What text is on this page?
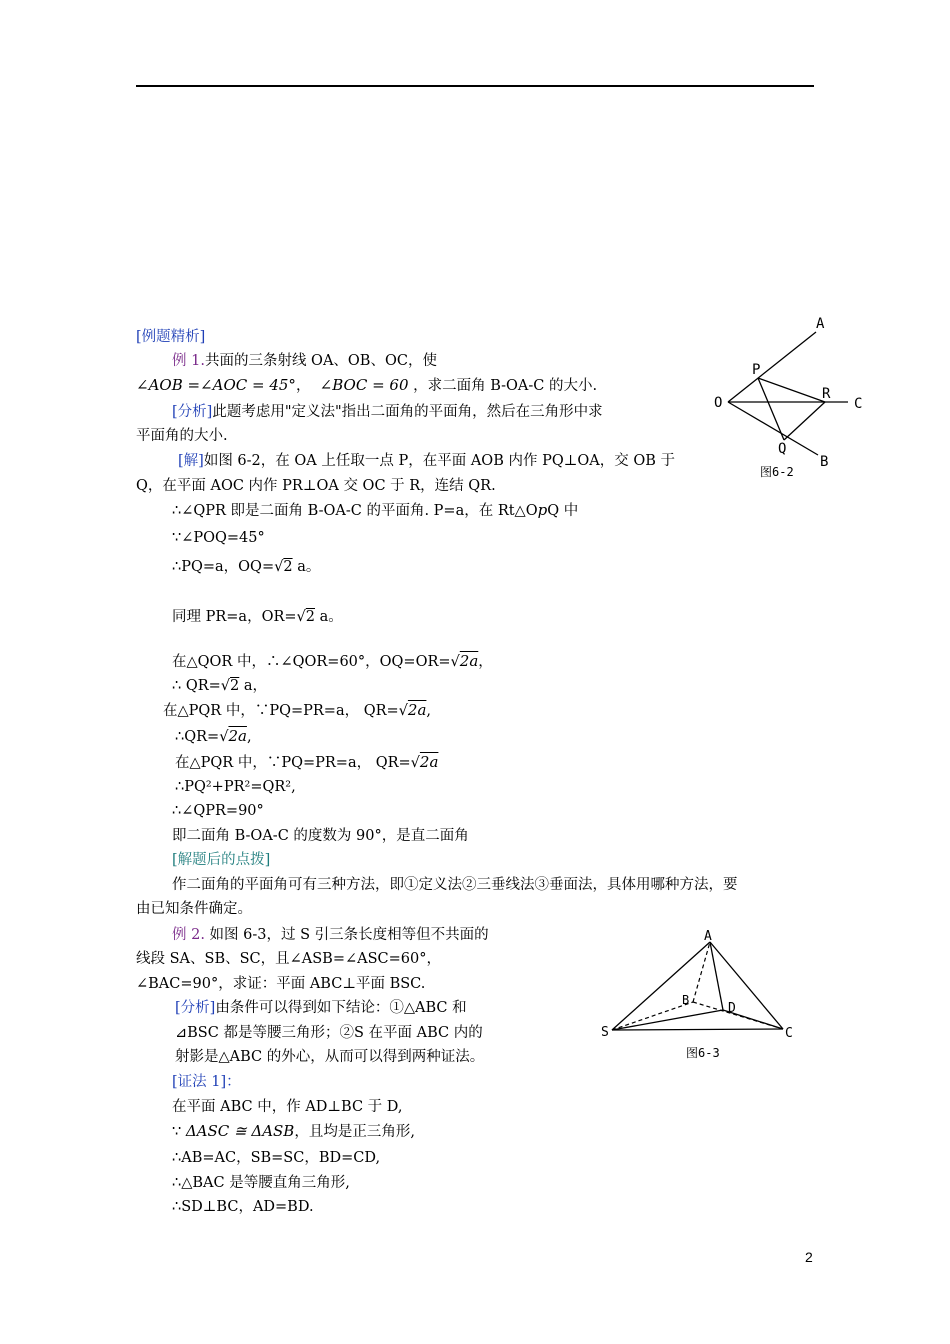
[例题精析]
例 1.共面的三条射线 OA、OB、OC，使
∠AOB =∠AOC = 45°， ∠BOC = 60 ，求二面角 B-OA-C 的大小.
[分析]此题考虑用"定义法"指出二面角的平面角，然后在三角形中求
平面角的大小.
[解]如图 6-2，在 OA 上任取一点 P，在平面 AOB 内作 PQ⊥OA，交 OB 于
Q，在平面 AOC 内作 PR⊥OA 交 OC 于 R，连结 QR.
∴∠QPR 即是二面角 B-OA-C 的平面角. P=a，在 Rt△OpQ 中
∵∠POQ=45°
∴PQ=a，OQ=√2 a。
同理 PR=a，OR=√2 a。
在△QOR 中，∴∠QOR=60°，OQ=OR=√2a，
∴ QR=√2 a，
在△PQR 中，∵PQ=PR=a， QR=√2a,
∴QR=√2a,
在△PQR 中，∵PQ=PR=a， QR=√2a
∴PQ²+PR²=QR²,
∴∠QPR=90°
即二面角 B-OA-C 的度数为 90°，是直二面角
[解题后的点拨]
作二面角的平面角可有三种方法，即①定义法②三垂线法③垂面法，具体用哪种方法，要
由已知条件确定。
例 2. 如图 6-3，过 S 引三条长度相等但不共面的
线段 SA、SB、SC，且∠ASB=∠ASC=60°，
∠BAC=90°，求证：平面 ABC⊥平面 BSC.
[分析]由条件可以得到如下结论：①△ABC 和
⊿BSC 都是等腰三角形；②S 在平面 ABC 内的
射影是△ABC 的外心，从而可以得到两种证法。
[证法 1]：
在平面 ABC 中，作 AD⊥BC 于 D,
∵ ΔASC ≅ ΔASB，且均是正三角形,
∴AB=AC，SB=SC，BD=CD,
∴△BAC 是等腰直角三角形,
∴SD⊥BC，AD=BD.
A
P
O
R
C
Q
B
图6-2
A
B
D
S	C
图6-3
2
